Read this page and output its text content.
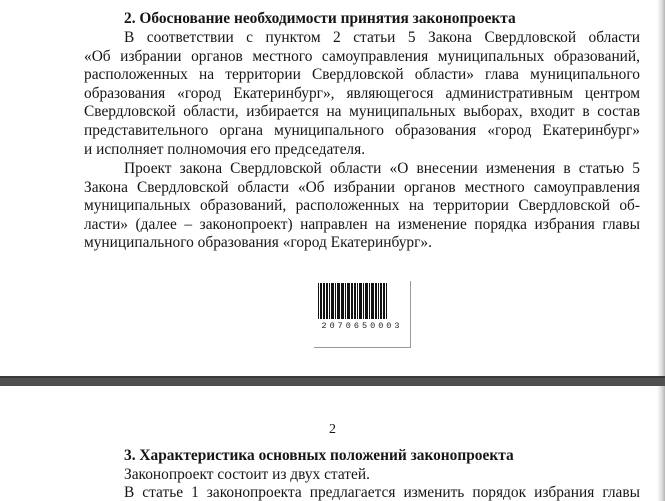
2. Обоснование необходимости принятия законопроекта

В соответствии с пунктом 2 статьи 5 Закона Свердловской области
«Об избрании органов местного самоуправления муниципальных образований,
расположенных на территории Свердловской области» глава муниципального
образования «город Екатеринбург», являющегося административным центром
Свердловской области, избирается на муниципальных выборах, входит в состав
представительного органа муниципального образования «город Екатеринбург»
и исполняет полномочия его председателя.
Проект закона Свердловской области «О внесении изменения в статью 5
Закона Свердловской области «Об избрании органов местного самоуправления
муниципальных образований, расположенных на территории Свердловской об-
ласти» (далее – законопроект) направлен на изменение порядка избрания главы
муниципального образования «город Екатеринбург».
2070650003
2

3. Характеристика основных положений законопроекта

Законопроект состоит из двух статей.
В статье 1 законопроекта предлагается изменить порядок избрания главы
